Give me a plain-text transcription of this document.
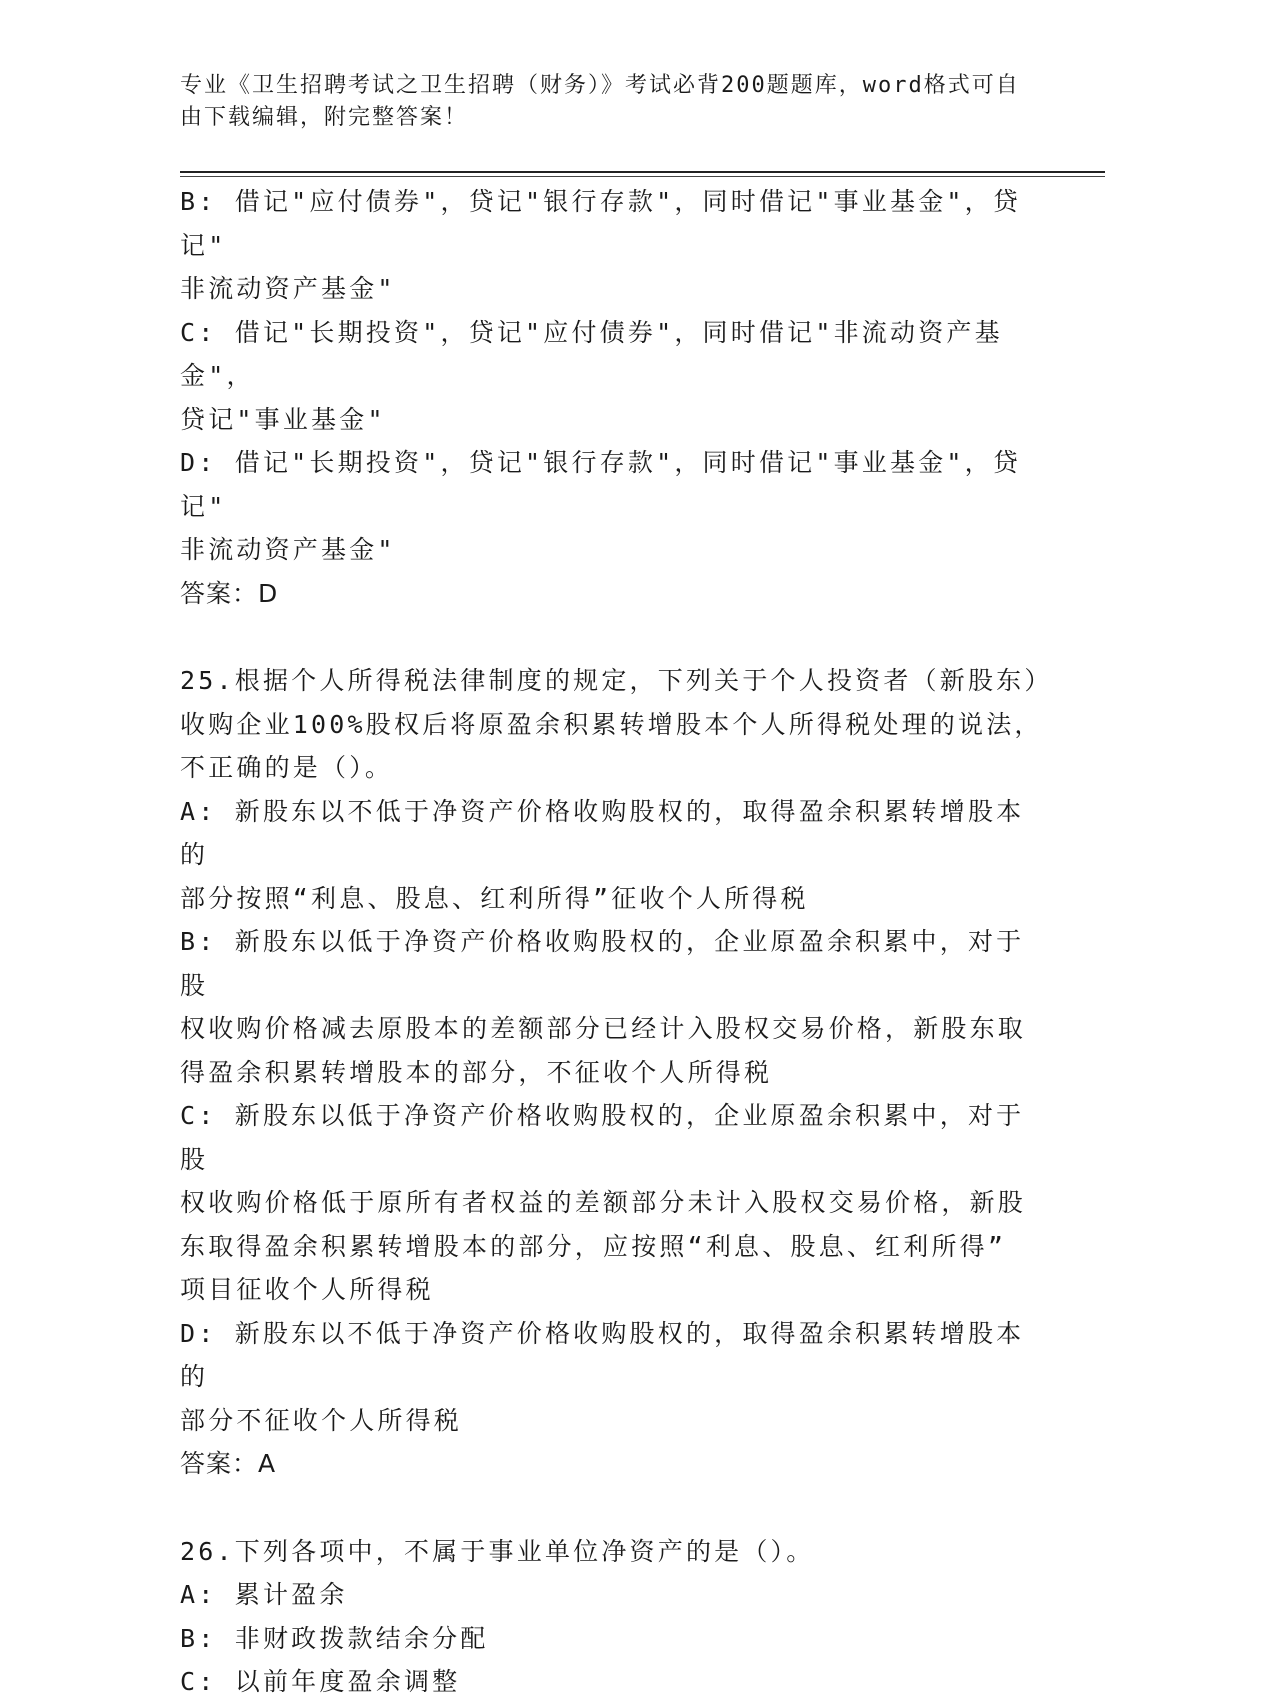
专业《卫生招聘考试之卫生招聘（财务）》考试必背200题题库，word格式可自

由下载编辑，附完整答案！

B: 借记"应付债券"，贷记"银行存款"，同时借记"事业基金"，贷记"

非流动资产基金"

C: 借记"长期投资"，贷记"应付债券"，同时借记"非流动资产基金"，

贷记"事业基金"

D: 借记"长期投资"，贷记"银行存款"，同时借记"事业基金"，贷记"

非流动资产基金"

答案：D

25.根据个人所得税法律制度的规定，下列关于个人投资者（新股东）

收购企业100%股权后将原盈余积累转增股本个人所得税处理的说法，

不正确的是（）。

A: 新股东以不低于净资产价格收购股权的，取得盈余积累转增股本的

部分按照“利息、股息、红利所得”征收个人所得税

B: 新股东以低于净资产价格收购股权的，企业原盈余积累中，对于股

权收购价格减去原股本的差额部分已经计入股权交易价格，新股东取

得盈余积累转增股本的部分，不征收个人所得税

C: 新股东以低于净资产价格收购股权的，企业原盈余积累中，对于股

权收购价格低于原所有者权益的差额部分未计入股权交易价格，新股

东取得盈余积累转增股本的部分，应按照“利息、股息、红利所得”

项目征收个人所得税

D: 新股东以不低于净资产价格收购股权的，取得盈余积累转增股本的

部分不征收个人所得税

答案：A

26.下列各项中，不属于事业单位净资产的是（）。

A: 累计盈余

B: 非财政拨款结余分配

C: 以前年度盈余调整
